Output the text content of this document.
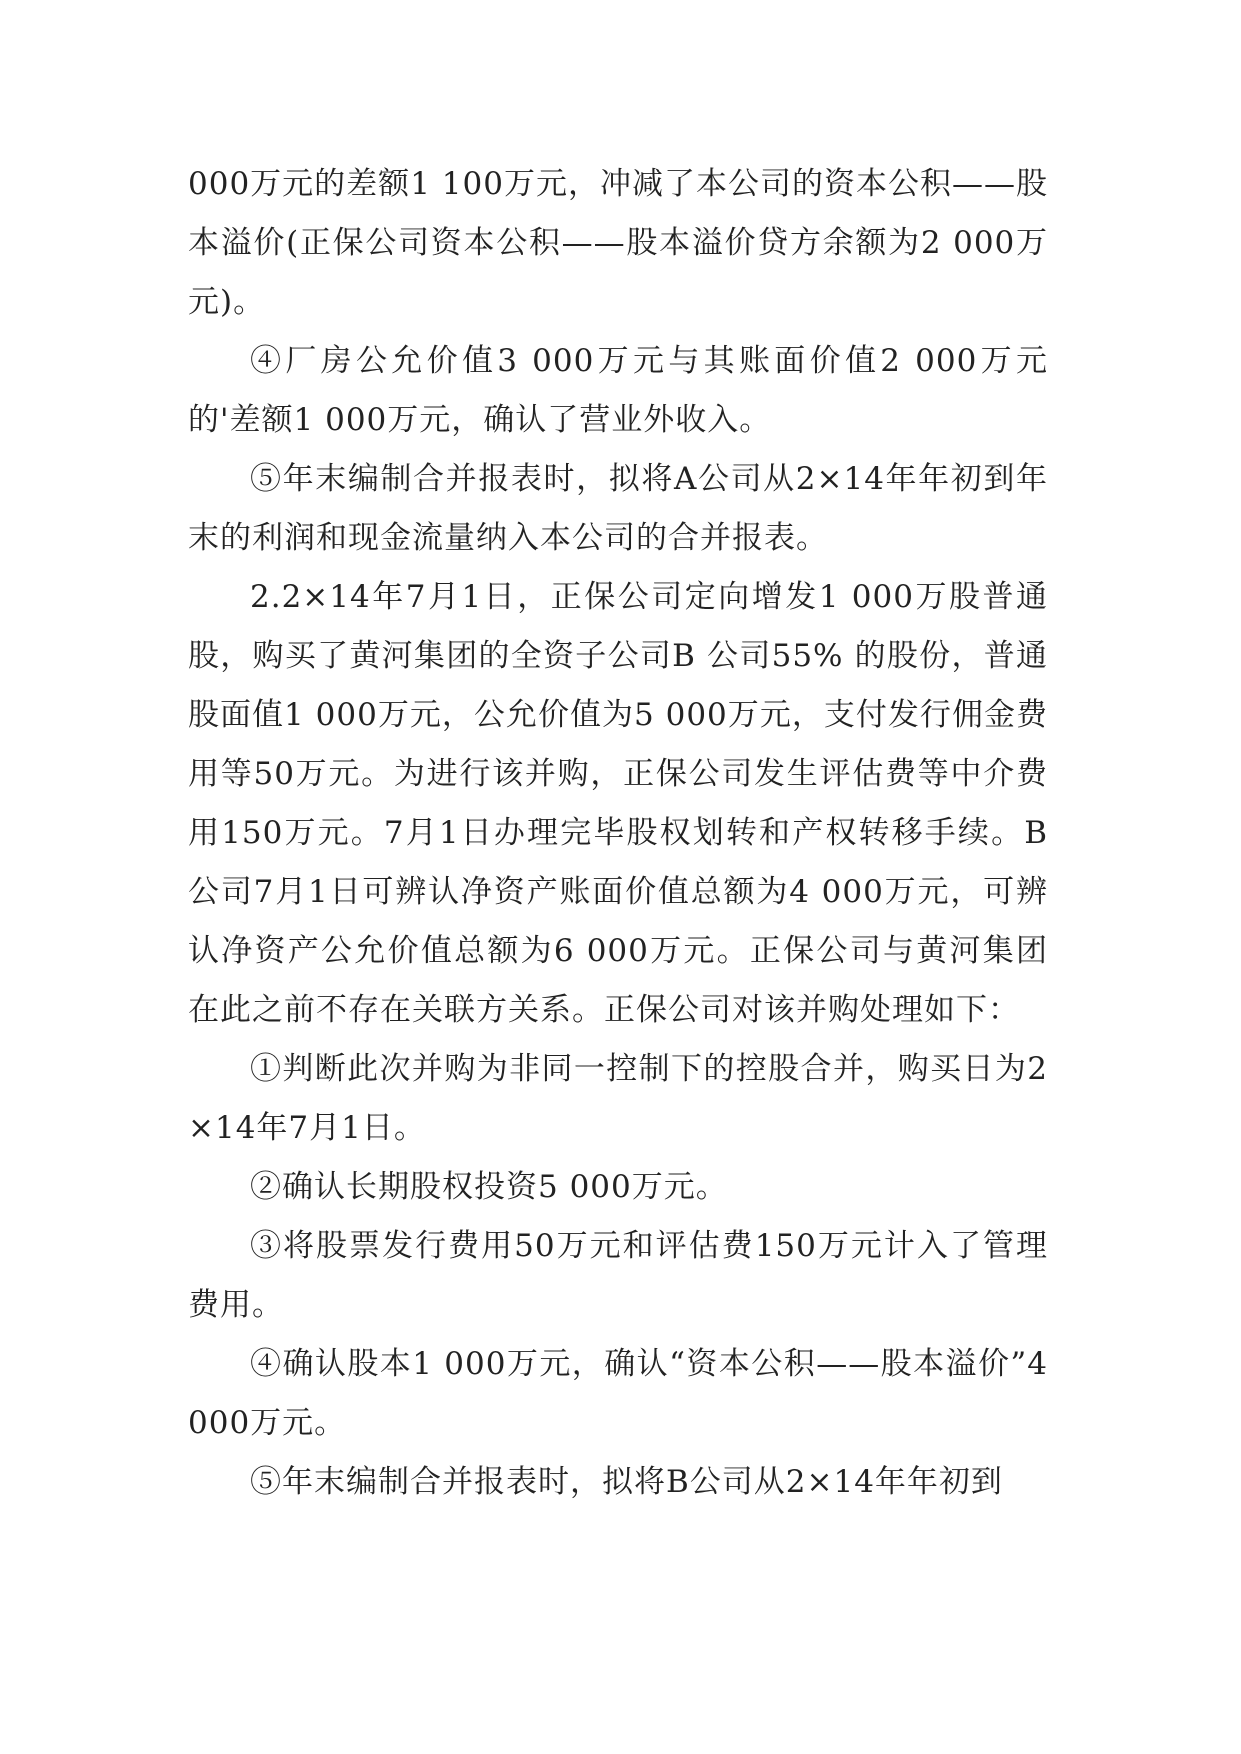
000万元的差额1 100万元，冲减了本公司的资本公积——股本溢价(正保公司资本公积——股本溢价贷方余额为2 000万元)。

④厂房公允价值3 000万元与其账面价值2 000万元的'差额1 000万元，确认了营业外收入。

⑤年末编制合并报表时，拟将A公司从2×14年年初到年末的利润和现金流量纳入本公司的合并报表。

2.2×14年7月1日，正保公司定向增发1 000万股普通股，购买了黄河集团的全资子公司B 公司55% 的股份，普通股面值1 000万元，公允价值为5 000万元，支付发行佣金费用等50万元。为进行该并购，正保公司发生评估费等中介费用150万元。7月1日办理完毕股权划转和产权转移手续。B 公司7月1日可辨认净资产账面价值总额为4 000万元，可辨认净资产公允价值总额为6 000万元。正保公司与黄河集团在此之前不存在关联方关系。正保公司对该并购处理如下：

①判断此次并购为非同一控制下的控股合并，购买日为2×14年7月1日。

②确认长期股权投资5 000万元。

③将股票发行费用50万元和评估费150万元计入了管理费用。

④确认股本1 000万元，确认“资本公积——股本溢价”4 000万元。

⑤年末编制合并报表时，拟将B公司从2×14年年初到
